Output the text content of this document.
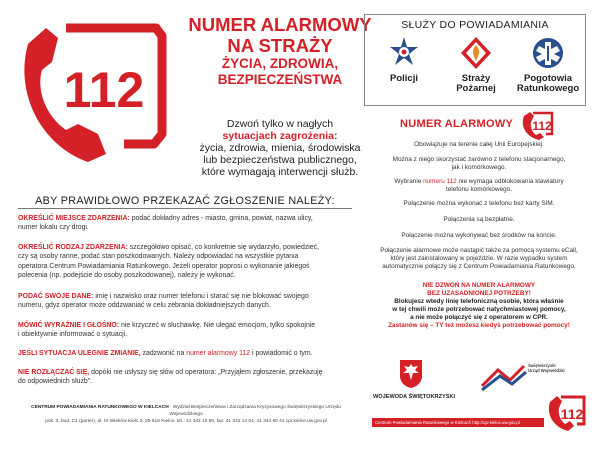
112
NUMER ALARMOWY
NA STRAŻY
ŻYCIA, ZDROWIA,
BEZPIECZEŃSTWA
Dzwoń tylko w nagłych
sytuacjach zagrożenia:
życia, zdrowia, mienia, środowiska
lub bezpieczeństwa publicznego,
które wymagają interwencji służb.
SŁUŻY DO POWIADAMIANIA
Policji	Straży Pożarnej
Pogotowia
Ratunkowego
NUMER ALARMOWY 112
Obowiązuje na terenie całej Unii Europejskiej.
Można z niego skorzystać zarówno z telefonu stacjonarnego,
jak i komórkowego.
Wybranie numeru 112 nie wymaga odblokowania klawiatury
telefonu komórkowego.
Połączenie można wykonać z telefonu bez karty SIM.
Połączenia są bezpłatne.
Połączenie można wykonywać bez środków na koncie.
Połączenie alarmowe może nastąpić także za pomocą systemu eCall,
który jest zainstalowany w pojeździe. W razie wypadku system
automatycznie połączy się z Centrum Powiadamiania Ratunkowego.
NIE DZWOŃ NA NUMER ALARMOWY
BEZ UZASADNIONEJ POTRZEBY!
Blokujesz wtedy linię telefoniczną osobie, która właśnie
w tej chwili może potrzebować natychmiastowej pomocy,
a nie może połączyć się z operatorem w CPR.
Zastanów się – TY też możesz kiedyś potrzebować pomocy!
WOJEWODA ŚWIĘTOKRZYSKI
Świętokrzyski
Urząd Wojewódzki
112
Centrum Powiadamiania Ratunkowego w Kielcach http://cpr.kielce.uw.gov.pl
ABY PRAWIDŁOWO PRZEKAZAĆ ZGŁOSZENIE NALEŻY:
OKREŚLIĆ MIEJSCE ZDARZENIA: podać dokładny adres - miasto, gmina, powiat, nazwa ulicy,
numer lokalu czy drogi.
OKREŚLIĆ RODZAJ ZDARZENIA: szczegółowo opisać, co konkretnie się wydarzyło, powiedzieć,
czy są osoby ranne, podać stan poszkodowanych. Należy odpowiadać na wszystkie pytania
operatora Centrum Powiadamiania Ratunkowego. Jeżeli operator poprosi o wykonanie jakiegoś
polecenia (np. podejście do osoby poszkodowanej), należy je wykonać.
PODAĆ SWOJE DANE: imię i nazwisko oraz numer telefonu i starać się nie blokować swojego
numeru, gdyż operator może oddzwaniać w celu zebrania dokładniejszych danych.
MÓWIĆ WYRAŹNIE I GŁOŚNO: nie krzyczeć w słuchawkę. Nie ulegać emocjom, tylko spokojnie
i obiektywnie informować o sytuacji.
JEŚLI SYTUACJA ULEGNIE ZMIANIE, zadzwonić na numer alarmowy 112 i powiadomić o tym.
NIE ROZŁĄCZAĆ SIĘ, dopóki nie usłyszy się słów od operatora: „Przyjąłem zgłoszenie, przekazuję
do odpowiednich służb".
CENTRUM POWIADAMIANIA RATUNKOWEGO W KIELCACH · Wydział Bezpieczeństwa i Zarządzania Kryzysowego Świętokrzyskiego Urzędu Wojewódzkiego
pok. 3, bud. C1 (parter), al. IX Wieków Kielc 3, 25-516 Kielce, tel.: 41 342 15 80, fax: 41 342 14 04, 41 344 60 41 cpr.kielce.uw.gov.pl
